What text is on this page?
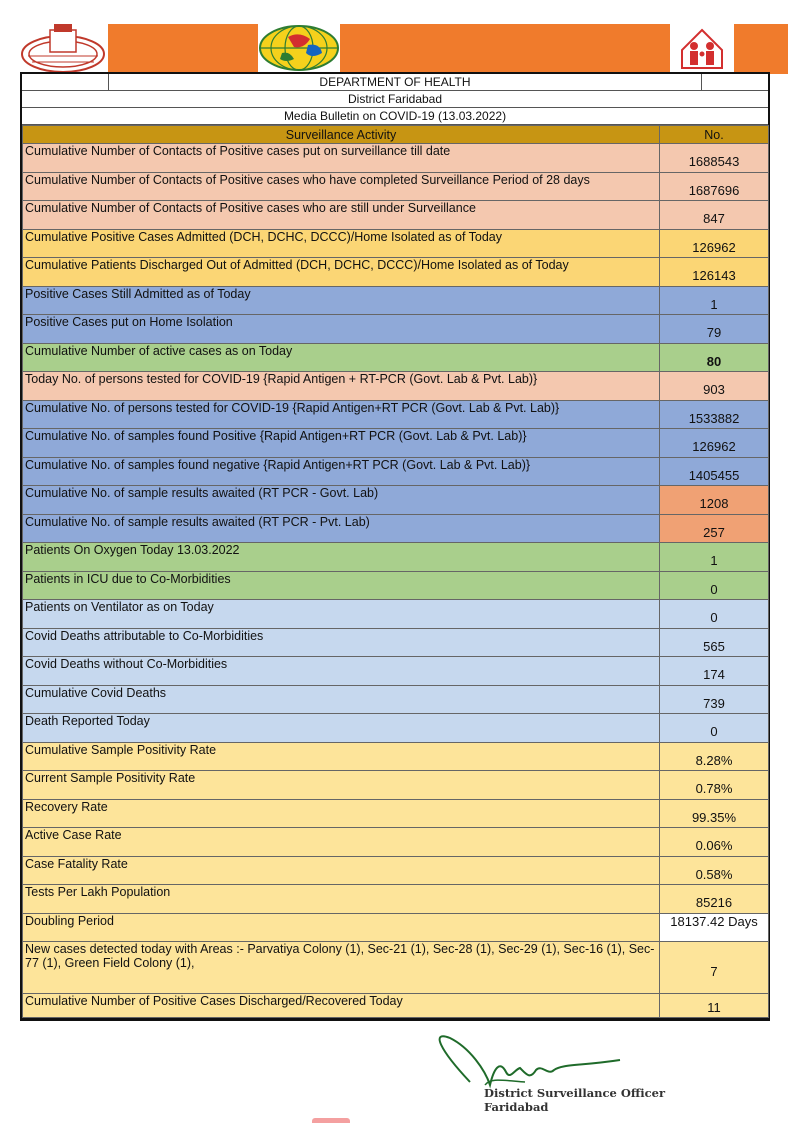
DEPARTMENT OF HEALTH
District Faridabad
Media Bulletin on COVID-19 (13.03.2022)
Surveillance Activity	No.
Cumulative Number of Contacts of Positive cases put on surveillance till date	1688543
Cumulative Number of Contacts of Positive cases who have completed Surveillance Period of 28 days	1687696
Cumulative Number of Contacts of Positive cases who are still under Surveillance	847
Cumulative Positive Cases Admitted (DCH, DCHC, DCCC)/Home Isolated as of Today	126962
Cumulative Patients Discharged Out of Admitted (DCH, DCHC, DCCC)/Home Isolated as of Today	126143
Positive Cases Still Admitted as of Today	1
Positive Cases put on Home Isolation	79
Cumulative Number of active cases as on Today	80
Today No. of persons tested for COVID-19 {Rapid Antigen + RT-PCR (Govt. Lab & Pvt. Lab)}	903
Cumulative No. of persons tested for COVID-19 {Rapid Antigen+RT PCR (Govt. Lab & Pvt. Lab)}	1533882
Cumulative No. of samples found Positive {Rapid Antigen+RT PCR (Govt. Lab & Pvt. Lab)}	126962
Cumulative No. of samples found negative {Rapid Antigen+RT PCR (Govt. Lab & Pvt. Lab)}	1405455
Cumulative No. of sample results awaited (RT PCR - Govt. Lab)	1208
Cumulative No. of sample results awaited (RT PCR - Pvt. Lab)	257
Patients On Oxygen Today 13.03.2022	1
Patients in ICU due to Co-Morbidities	0
Patients on Ventilator as on Today	0
Covid Deaths attributable to Co-Morbidities	565
Covid Deaths without Co-Morbidities	174
Cumulative Covid Deaths	739
Death Reported Today	0
Cumulative Sample Positivity Rate	8.28%
Current Sample Positivity Rate	0.78%
Recovery Rate	99.35%
Active Case Rate	0.06%
Case Fatality Rate	0.58%
Tests Per Lakh Population	85216
Doubling Period	18137.42 Days
New cases detected today with Areas :- Parvatiya Colony (1), Sec-21 (1), Sec-28 (1), Sec-29 (1), Sec-16 (1), Sec-77 (1), Green Field Colony (1),	7
Cumulative Number of Positive Cases Discharged/Recovered Today	11
District Surveillance Officer
Faridabad
